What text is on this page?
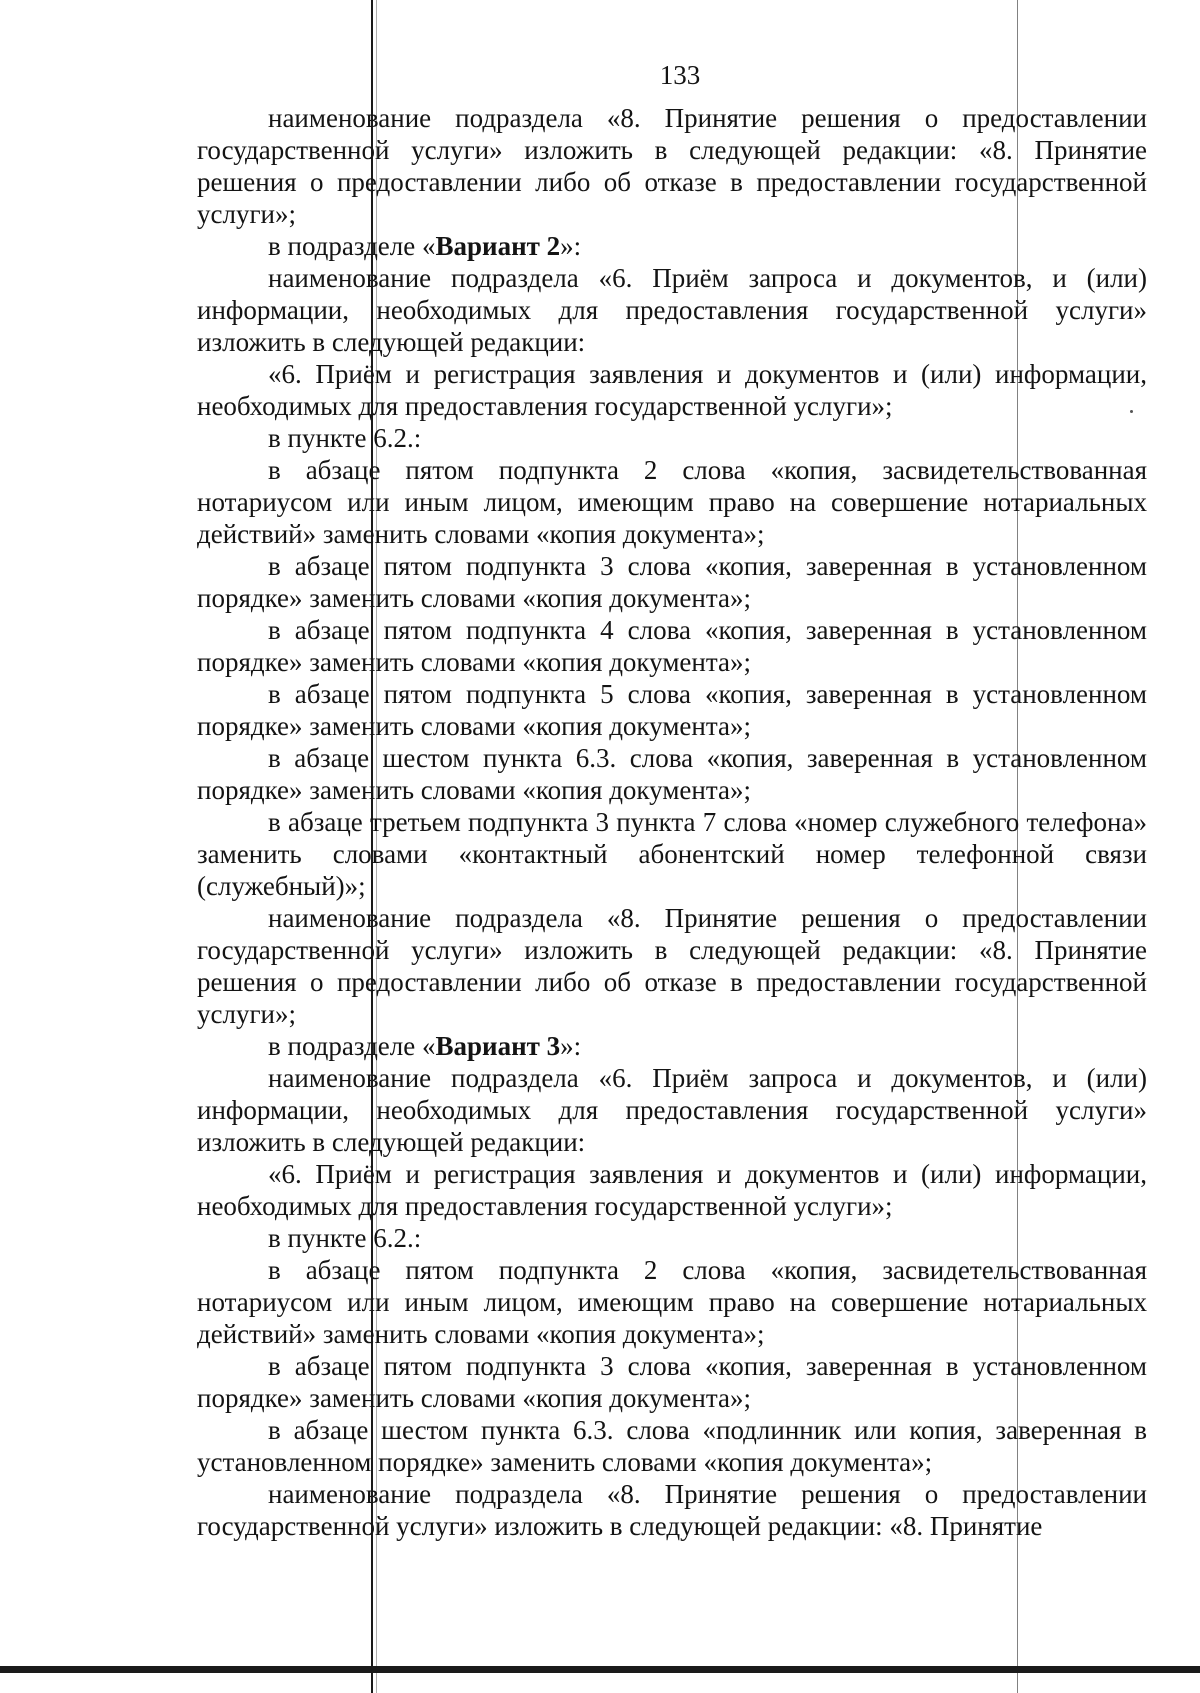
133

наименование подраздела «8. Принятие решения о предоставлении государственной услуги» изложить в следующей редакции: «8. Принятие решения о предоставлении либо об отказе в предоставлении государственной услуги»;

в подразделе «Вариант 2»:

наименование подраздела «6. Приём запроса и документов, и (или) информации, необходимых для предоставления государственной услуги» изложить в следующей редакции:

«6. Приём и регистрация заявления и документов и (или) информации, необходимых для предоставления государственной услуги»;

в пункте 6.2.:

в абзаце пятом подпункта 2 слова «копия, засвидетельствованная нотариусом или иным лицом, имеющим право на совершение нотариальных действий» заменить словами «копия документа»;

в абзаце пятом подпункта 3 слова «копия, заверенная в установленном порядке» заменить словами «копия документа»;

в абзаце пятом подпункта 4 слова «копия, заверенная в установленном порядке» заменить словами «копия документа»;

в абзаце пятом подпункта 5 слова «копия, заверенная в установленном порядке» заменить словами «копия документа»;

в абзаце шестом пункта 6.3. слова «копия, заверенная в установленном порядке» заменить словами «копия документа»;

в абзаце третьем подпункта 3 пункта 7 слова «номер служебного телефона» заменить словами «контактный абонентский номер телефонной связи (служебный)»;

наименование подраздела «8. Принятие решения о предоставлении государственной услуги» изложить в следующей редакции: «8. Принятие решения о предоставлении либо об отказе в предоставлении государственной услуги»;

в подразделе «Вариант 3»:

наименование подраздела «6. Приём запроса и документов, и (или) информации, необходимых для предоставления государственной услуги» изложить в следующей редакции:

«6. Приём и регистрация заявления и документов и (или) информации, необходимых для предоставления государственной услуги»;

в пункте 6.2.:

в абзаце пятом подпункта 2 слова «копия, засвидетельствованная нотариусом или иным лицом, имеющим право на совершение нотариальных действий» заменить словами «копия документа»;

в абзаце пятом подпункта 3 слова «копия, заверенная в установленном порядке» заменить словами «копия документа»;

в абзаце шестом пункта 6.3. слова «подлинник или копия, заверенная в установленном порядке» заменить словами «копия документа»;

наименование подраздела «8. Принятие решения о предоставлении государственной услуги» изложить в следующей редакции: «8. Принятие
